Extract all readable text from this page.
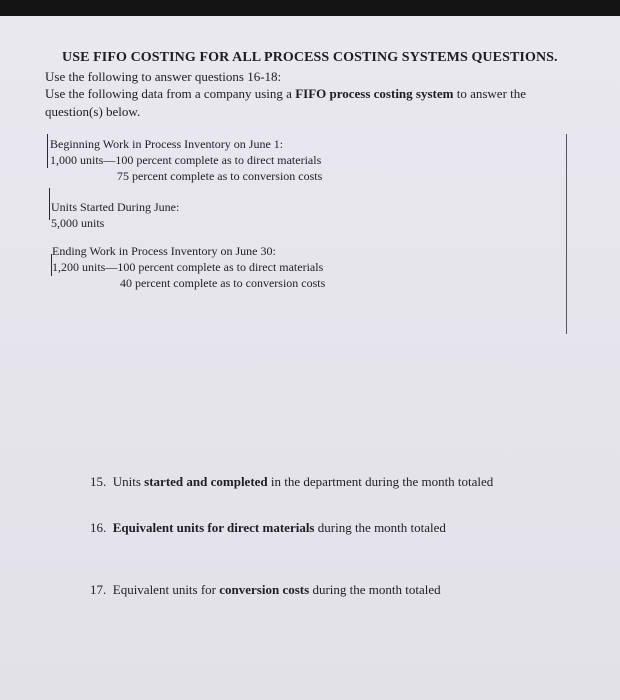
USE FIFO COSTING FOR ALL PROCESS COSTING SYSTEMS QUESTIONS.
Use the following to answer questions 16-18:
Use the following data from a company using a FIFO process costing system to answer the
question(s) below.
Beginning Work in Process Inventory on June 1:
1,000 units—100 percent complete as to direct materials
75 percent complete as to conversion costs
Units Started During June:
5,000 units
Ending Work in Process Inventory on June 30:
1,200 units—100 percent complete as to direct materials
40 percent complete as to conversion costs
15. Units started and completed in the department during the month totaled
16. Equivalent units for direct materials during the month totaled
17. Equivalent units for conversion costs during the month totaled
